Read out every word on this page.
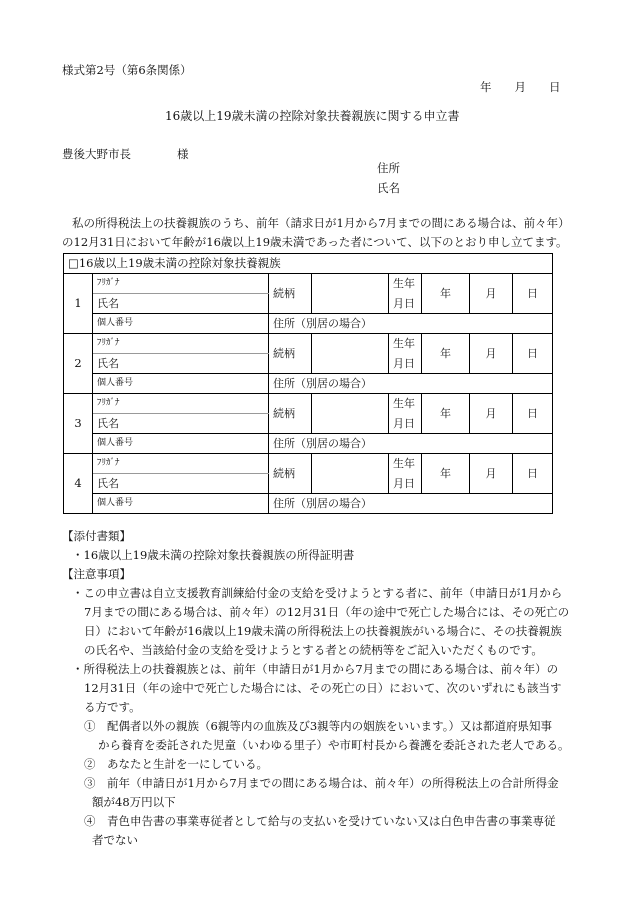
様式第2号（第6条関係）
年　　月　　日
16歳以上19歳未満の控除対象扶養親族に関する申立書
豊後大野市長　　　　様
住所
氏名

私の所得税法上の扶養親族のうち、前年（請求日が1月から7月までの間にある場合は、前々年）

の12月31日において年齢が16歳以上19歳未満であった者について、以下のとおり申し立てます。

□16歳以上19歳未満の控除対象扶養親族							
1	ﾌﾘｶﾞﾅ	続柄		生年	年	月	日
	氏名			月日			
	個人番号	住所（別居の場合）					
2	ﾌﾘｶﾞﾅ	続柄		生年	年	月	日
	氏名			月日			
	個人番号	住所（別居の場合）					
3	ﾌﾘｶﾞﾅ	続柄		生年	年	月	日
	氏名			月日			
	個人番号	住所（別居の場合）					
4	ﾌﾘｶﾞﾅ	続柄		生年	年	月	日
	氏名			月日			
	個人番号	住所（別居の場合）					
【添付書類】
・16歳以上19歳未満の控除対象扶養親族の所得証明書
【注意事項】
・この申立書は自立支援教育訓練給付金の支給を受けようとする者に、前年（申請日が1月から
7月までの間にある場合は、前々年）の12月31日（年の途中で死亡した場合には、その死亡の
日）において年齢が16歳以上19歳未満の所得税法上の扶養親族がいる場合に、その扶養親族
の氏名や、当該給付金の支給を受けようとする者との続柄等をご記入いただくものです。
・所得税法上の扶養親族とは、前年（申請日が1月から7月までの間にある場合は、前々年）の
12月31日（年の途中で死亡した場合には、その死亡の日）において、次のいずれにも該当す
る方です。
①　 配偶者以外の親族（6親等内の血族及び3親等内の姻族をいいます。）又は都道府県知事
から養育を委託された児童（いわゆる里子）や市町村長から養護を委託された老人である。
②　 あなたと生計を一にしている。
③　 前年（申請日が1月から7月までの間にある場合は、前々年）の所得税法上の合計所得金
額が48万円以下
④　 青色申告書の事業専従者として給与の支払いを受けていない又は白色申告書の事業専従
者でない
